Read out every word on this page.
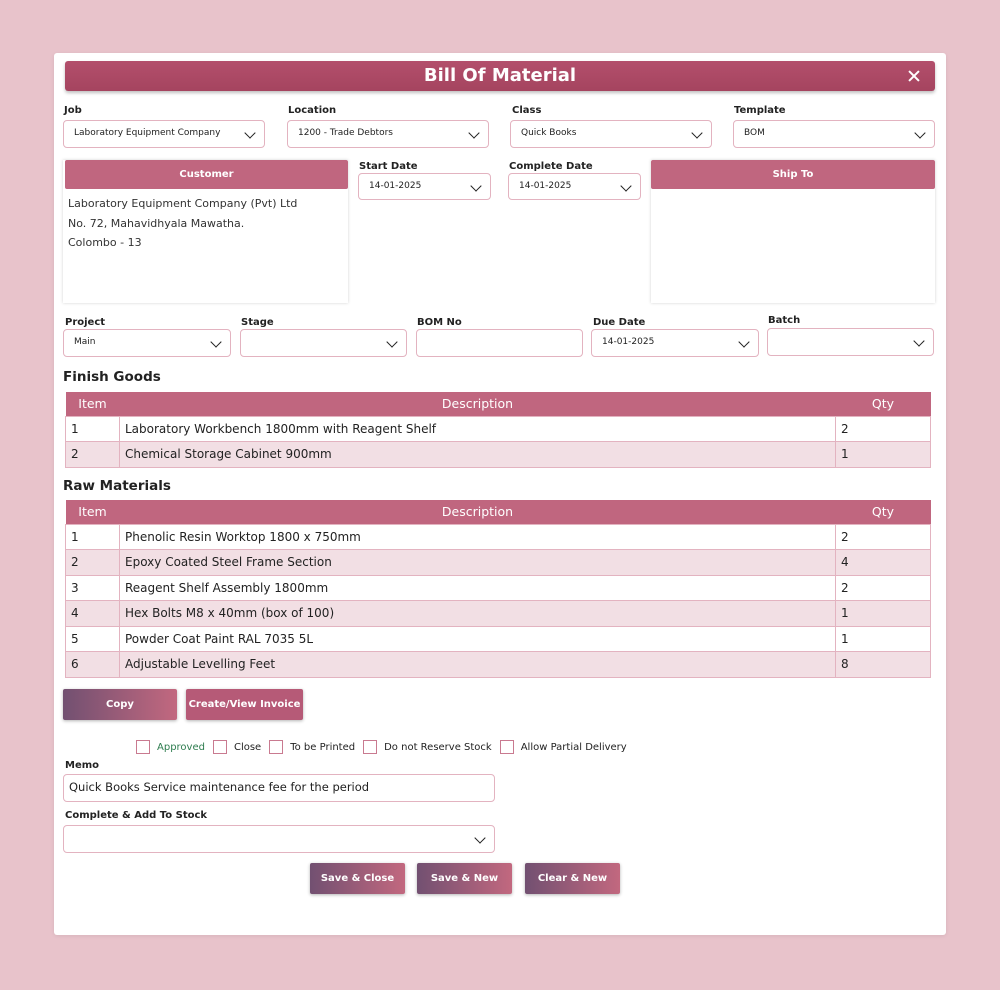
Bill Of Material
Job
Laboratory Equipment Company
Location
1200 - Trade Debtors
Class
Quick Books
Template
BOM
Laboratory Equipment Company (Pvt) Ltd
No. 72, Mahavidhyala Mawatha.
Colombo - 13
Customer
Start Date
14-01-2025
Complete Date
14-01-2025
Ship To
Project
Main
Stage	BOM No	Due Date
14-01-2025
Batch
Finish Goods
Item	Description	Qty
1	Laboratory Workbench 1800mm with Reagent Shelf	2
2	Chemical Storage Cabinet 900mm	1
Raw Materials
Item	Description	Qty
1	Phenolic Resin Worktop 1800 x 750mm	2
2	Epoxy Coated Steel Frame Section	4
3	Reagent Shelf Assembly 1800mm	2
4	Hex Bolts M8 x 40mm (box of 100)	1
5	Powder Coat Paint RAL 7035 5L	1
6	Adjustable Levelling Feet	8
Copy	Create/View Invoice
Approved	Close	To be Printed	Do not Reserve Stock	Allow Partial Delivery
Memo
Quick Books Service maintenance fee for the period
Complete & Add To Stock
Save & Close	Save & New	Clear & New
